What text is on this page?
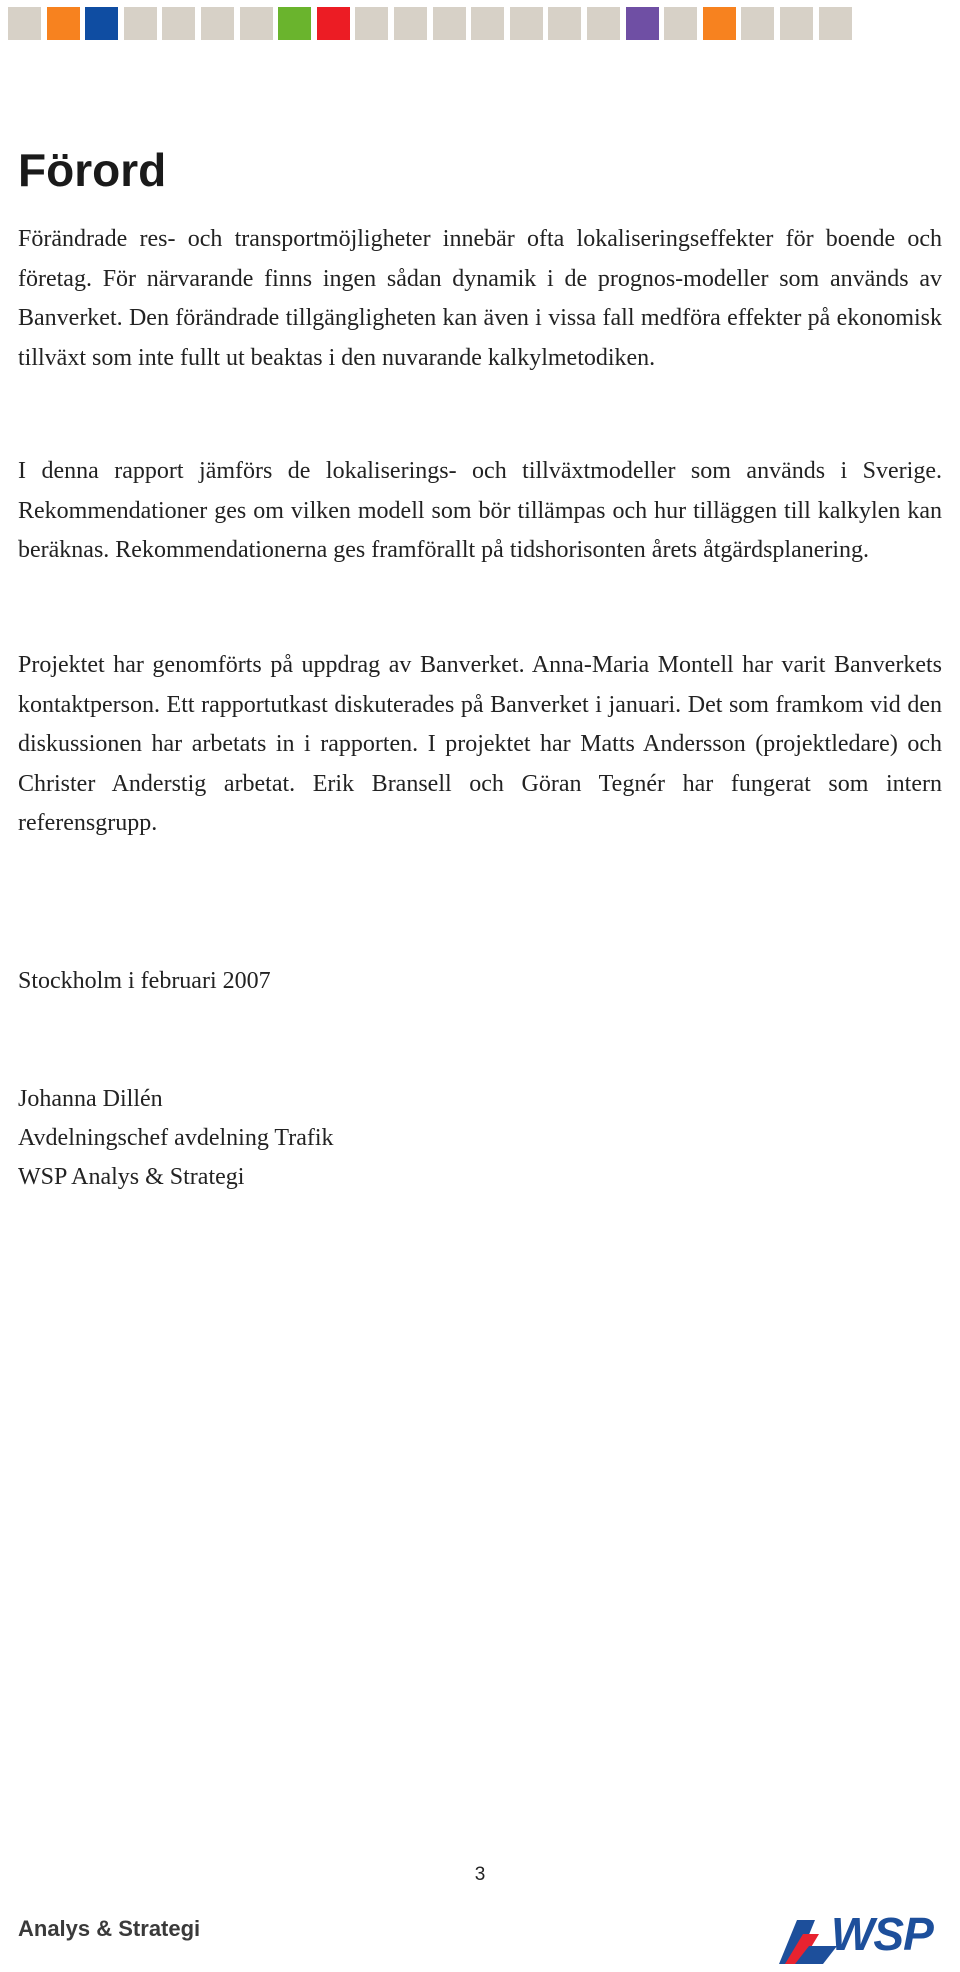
Förord

Förändrade res- och transportmöjligheter innebär ofta lokaliseringseffekter för boende och företag. För närvarande finns ingen sådan dynamik i de prognos-modeller som används av Banverket. Den förändrade tillgängligheten kan även i vissa fall medföra effekter på ekonomisk tillväxt som inte fullt ut beaktas i den nuvarande kalkylmetodiken.

I denna rapport jämförs de lokaliserings- och tillväxtmodeller som används i Sverige. Rekommendationer ges om vilken modell som bör tillämpas och hur tilläggen till kalkylen kan beräknas. Rekommendationerna ges framförallt på tidshorisonten årets åtgärdsplanering.

Projektet har genomförts på uppdrag av Banverket. Anna-Maria Montell har varit Banverkets kontaktperson. Ett rapportutkast diskuterades på Banverket i januari. Det som framkom vid den diskussionen har arbetats in i rapporten. I projektet har Matts Andersson (projektledare) och Christer Anderstig arbetat. Erik Bransell och Göran Tegnér har fungerat som intern referensgrupp.

Stockholm i februari 2007
Johanna Dillén
Avdelningschef avdelning Trafik
WSP Analys & Strategi
3
Analys & Strategi	WSP
